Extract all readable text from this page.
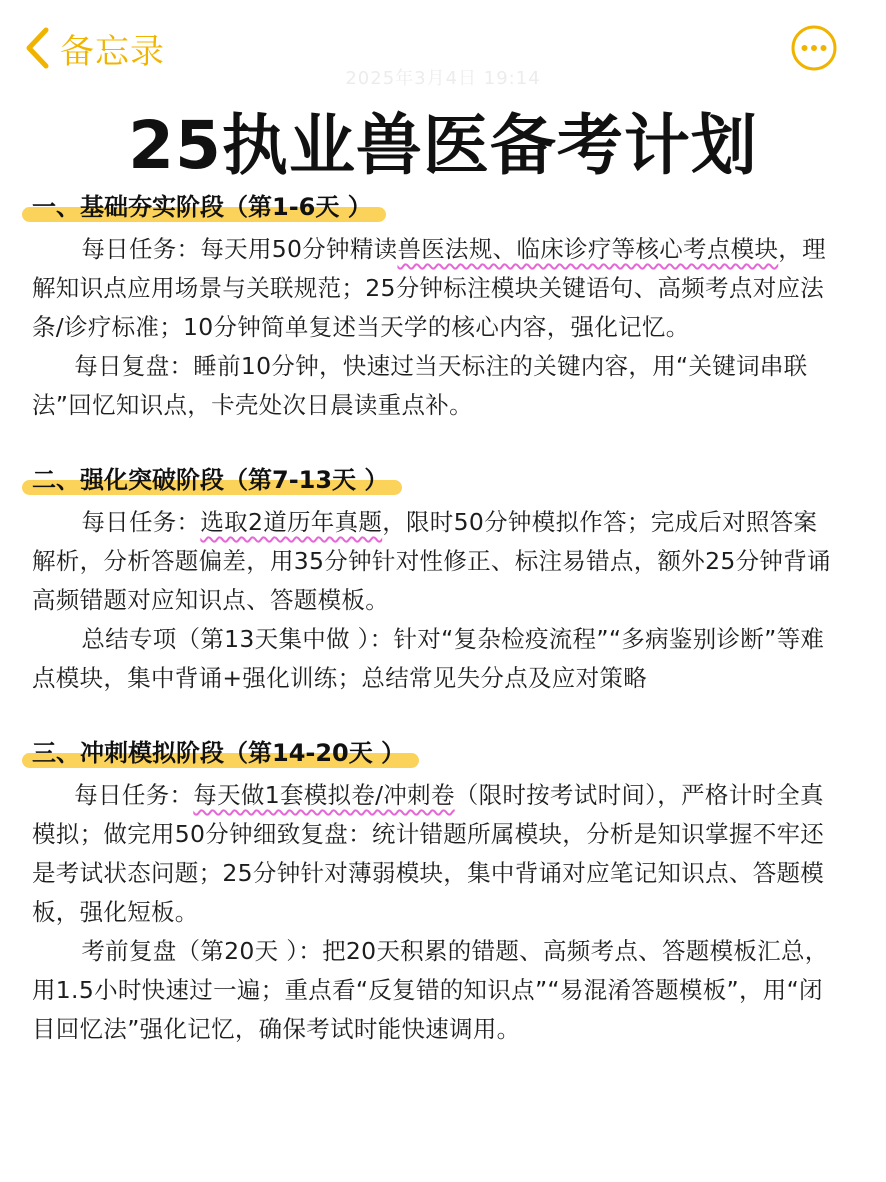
备忘录
2025年3月4日 19:14
25执业兽医备考计划
一、基础夯实阶段（第1-6天 ）

每日任务：每天用50分钟精读兽医法规、临床诊疗等核心考点模块，理解知识点应用场景与关联规范；25分钟标注模块关键语句、高频考点对应法条/诊疗标准；10分钟简单复述当天学的核心内容，强化记忆。

每日复盘：睡前10分钟，快速过当天标注的关键内容，用“关键词串联法”回忆知识点，卡壳处次日晨读重点补。

二、强化突破阶段（第7-13天 ）

每日任务：选取2道历年真题，限时50分钟模拟作答；完成后对照答案解析，分析答题偏差，用35分钟针对性修正、标注易错点，额外25分钟背诵高频错题对应知识点、答题模板。

总结专项（第13天集中做 ）：针对“复杂检疫流程”“多病鉴别诊断”等难点模块，集中背诵+强化训练；总结常见失分点及应对策略

三、冲刺模拟阶段（第14-20天 ）

每日任务：每天做1套模拟卷/冲刺卷（限时按考试时间），严格计时全真模拟；做完用50分钟细致复盘：统计错题所属模块，分析是知识掌握不牢还是考试状态问题；25分钟针对薄弱模块，集中背诵对应笔记知识点、答题模板，强化短板。

考前复盘（第20天 ）：把20天积累的错题、高频考点、答题模板汇总，用1.5小时快速过一遍；重点看“反复错的知识点”“易混淆答题模板”，用“闭目回忆法”强化记忆，确保考试时能快速调用。
